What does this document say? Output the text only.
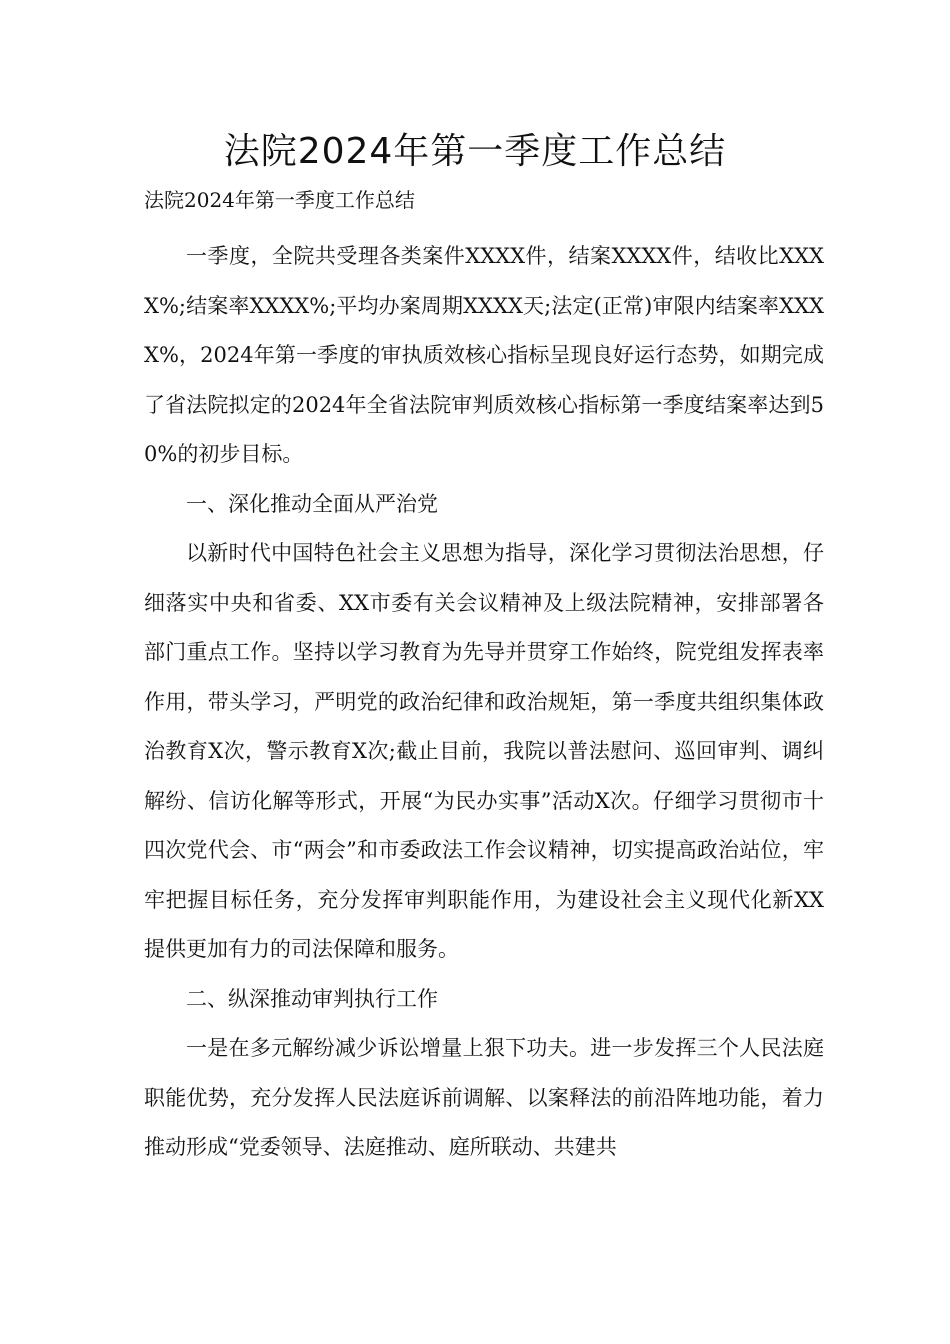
法院2024年第一季度工作总结

法院2024年第一季度工作总结

一季度，全院共受理各类案件XXXX件，结案XXXX件，结收比XXXX%;结案率XXXX%;平均办案周期XXXX天;法定(正常)审限内结案率XXXX%，2024年第一季度的审执质效核心指标呈现良好运行态势，如期完成了省法院拟定的2024年全省法院审判质效核心指标第一季度结案率达到50%的初步目标。

一、深化推动全面从严治党

以新时代中国特色社会主义思想为指导，深化学习贯彻法治思想，仔细落实中央和省委、XX市委有关会议精神及上级法院精神，安排部署各部门重点工作。坚持以学习教育为先导并贯穿工作始终，院党组发挥表率作用，带头学习，严明党的政治纪律和政治规矩，第一季度共组织集体政治教育X次，警示教育X次;截止目前，我院以普法慰问、巡回审判、调纠解纷、信访化解等形式，开展“为民办实事”活动X次。仔细学习贯彻市十四次党代会、市“两会”和市委政法工作会议精神，切实提高政治站位，牢牢把握目标任务，充分发挥审判职能作用，为建设社会主义现代化新XX提供更加有力的司法保障和服务。

二、纵深推动审判执行工作

一是在多元解纷减少诉讼增量上狠下功夫。进一步发挥三个人民法庭职能优势，充分发挥人民法庭诉前调解、以案释法的前沿阵地功能，着力推动形成“党委领导、法庭推动、庭所联动、共建共
